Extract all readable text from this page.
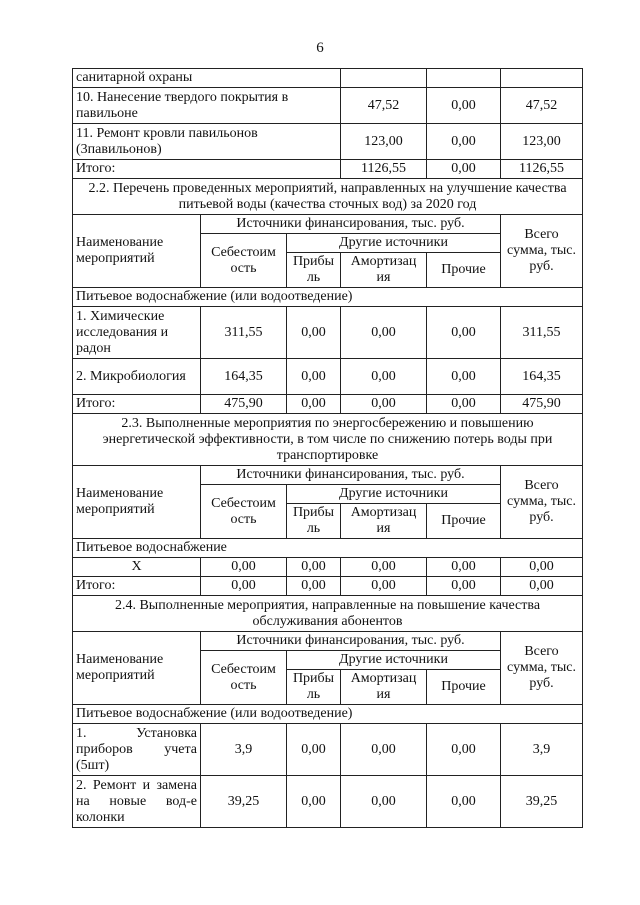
6
санитарной охраны					
10. Нанесение твердого покрытия в павильоне			47,52	0,00	47,52
11. Ремонт кровли павильонов (3павильонов)			123,00	0,00	123,00
Итого:			1126,55	0,00	1126,55
2.2. Перечень проведенных мероприятий, направленных на улучшение качества питьевой воды (качества сточных вод) за 2020 год					
Наименование мероприятий	Источники финансирования, тыс. руб.				Всего сумма, тыс. руб.
	Себестоим ость	Другие источники			
		Прибы ль	Амортизац ия	Прочие	
Питьевое водоснабжение (или водоотведение)					
1. Химические исследования и радон	311,55	0,00	0,00	0,00	311,55
2. Микробиология	164,35	0,00	0,00	0,00	164,35
Итого:	475,90	0,00	0,00	0,00	475,90
2.3. Выполненные мероприятия по энергосбережению и повышению энергетической эффективности, в том числе по снижению потерь воды при транспортировке					
Наименование мероприятий	Источники финансирования, тыс. руб.				Всего сумма, тыс. руб.
	Себестоим ость	Другие источники			
		Прибы ль	Амортизац ия	Прочие	
Питьевое водоснабжение					
X	0,00	0,00	0,00	0,00	0,00
Итого:	0,00	0,00	0,00	0,00	0,00
2.4. Выполненные мероприятия, направленные на повышение качества обслуживания абонентов					
Наименование мероприятий	Источники финансирования, тыс. руб.				Всего сумма, тыс. руб.
	Себестоим ость	Другие источники			
		Прибы ль	Амортизац ия	Прочие	
Питьевое водоснабжение (или водоотведение)					
1. Установка приборов учета (5шт)	3,9	0,00	0,00	0,00	3,9
2. Ремонт и замена на новые вод-е колонки	39,25	0,00	0,00	0,00	39,25
